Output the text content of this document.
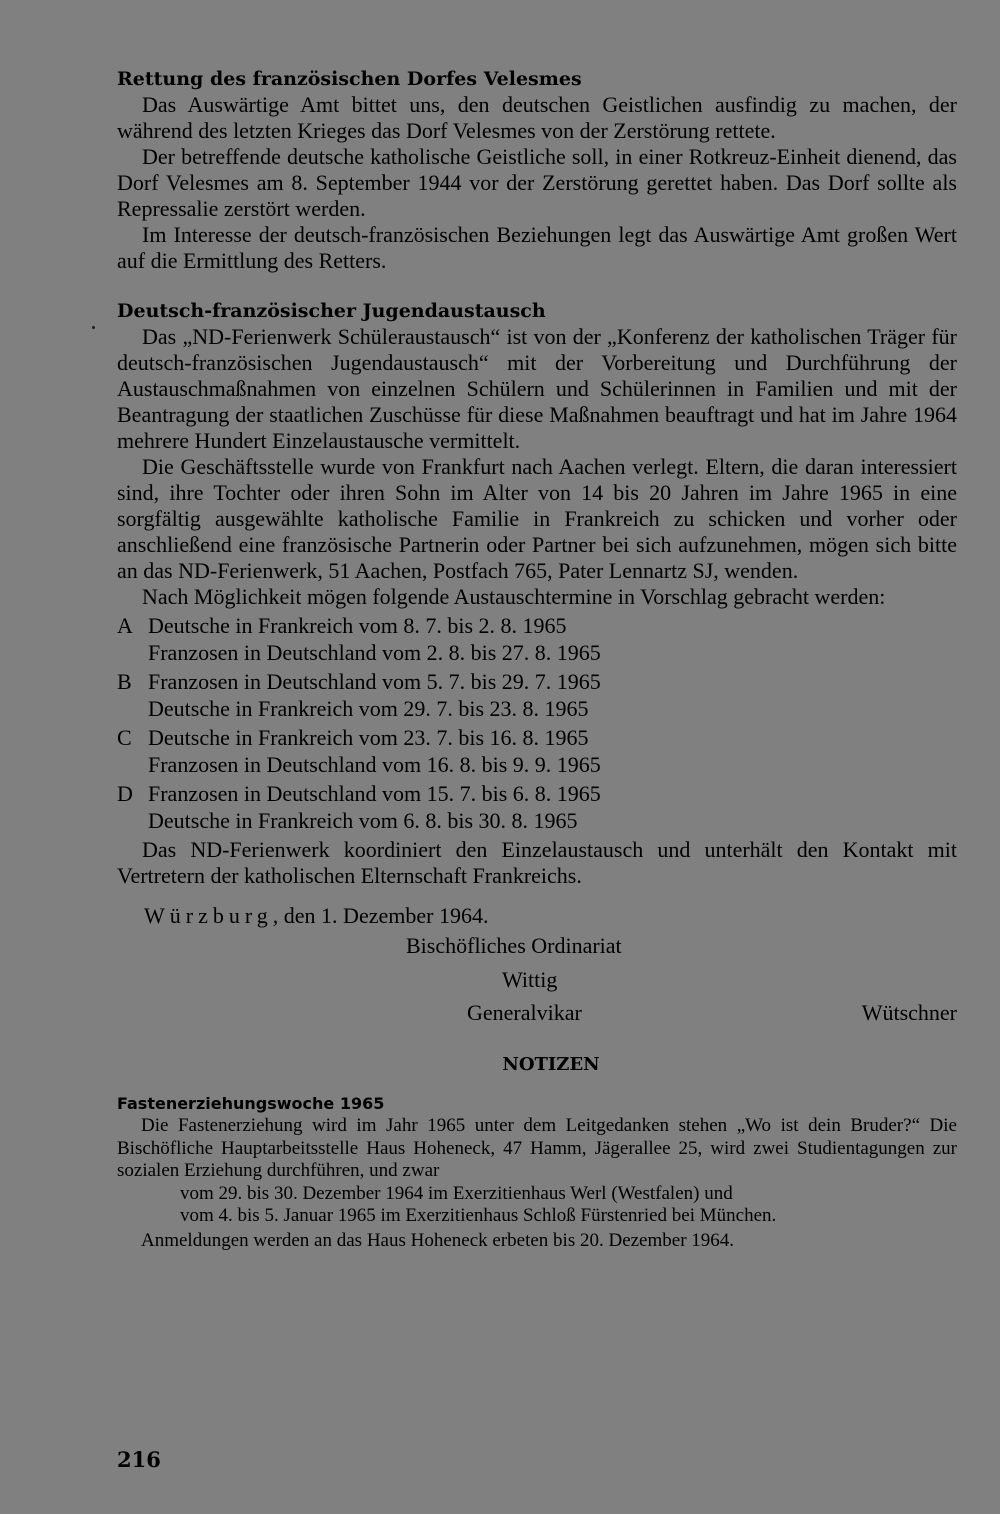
Rettung des französischen Dorfes Velesmes

Das Auswärtige Amt bittet uns, den deutschen Geistlichen ausfindig zu machen, der während des letzten Krieges das Dorf Velesmes von der Zerstörung rettete.

Der betreffende deutsche katholische Geistliche soll, in einer Rotkreuz-Einheit dienend, das Dorf Velesmes am 8. September 1944 vor der Zerstörung gerettet haben. Das Dorf sollte als Repressalie zerstört werden.

Im Interesse der deutsch-französischen Beziehungen legt das Auswärtige Amt großen Wert auf die Ermittlung des Retters.

Deutsch-französischer Jugendaustausch

Das „ND-Ferienwerk Schüleraustausch“ ist von der „Konferenz der katholischen Träger für deutsch-französischen Jugendaustausch“ mit der Vorbereitung und Durchführung der Austauschmaßnahmen von einzelnen Schülern und Schülerinnen in Familien und mit der Beantragung der staatlichen Zuschüsse für diese Maßnahmen beauftragt und hat im Jahre 1964 mehrere Hundert Einzelaustausche vermittelt.

Die Geschäftsstelle wurde von Frankfurt nach Aachen verlegt. Eltern, die daran interessiert sind, ihre Tochter oder ihren Sohn im Alter von 14 bis 20 Jahren im Jahre 1965 in eine sorgfältig ausgewählte katholische Familie in Frankreich zu schicken und vorher oder anschließend eine französische Partnerin oder Partner bei sich aufzunehmen, mögen sich bitte an das ND-Ferienwerk, 51 Aachen, Postfach 765, Pater Lennartz SJ, wenden.

Nach Möglichkeit mögen folgende Austauschtermine in Vorschlag gebracht werden:

A Deutsche in Frankreich vom 8. 7. bis 2. 8. 1965
Franzosen in Deutschland vom 2. 8. bis 27. 8. 1965
B Franzosen in Deutschland vom 5. 7. bis 29. 7. 1965
Deutsche in Frankreich vom 29. 7. bis 23. 8. 1965
C Deutsche in Frankreich vom 23. 7. bis 16. 8. 1965
Franzosen in Deutschland vom 16. 8. bis 9. 9. 1965
D Franzosen in Deutschland vom 15. 7. bis 6. 8. 1965
Deutsche in Frankreich vom 6. 8. bis 30. 8. 1965

Das ND-Ferienwerk koordiniert den Einzelaustausch und unterhält den Kontakt mit Vertretern der katholischen Elternschaft Frankreichs.

Würzburg, den 1. Dezember 1964.
Bischöfliches Ordinariat
Wittig
Generalvikar	Wütschner
NOTIZEN
Fastenerziehungswoche 1965

Die Fastenerziehung wird im Jahr 1965 unter dem Leitgedanken stehen „Wo ist dein Bruder?“ Die Bischöfliche Hauptarbeitsstelle Haus Hoheneck, 47 Hamm, Jägerallee 25, wird zwei Studientagungen zur sozialen Erziehung durchführen, und zwar

vom 29. bis 30. Dezember 1964 im Exerzitienhaus Werl (Westfalen) und
vom 4. bis 5. Januar 1965 im Exerzitienhaus Schloß Fürstenried bei München.

Anmeldungen werden an das Haus Hoheneck erbeten bis 20. Dezember 1964.

216
